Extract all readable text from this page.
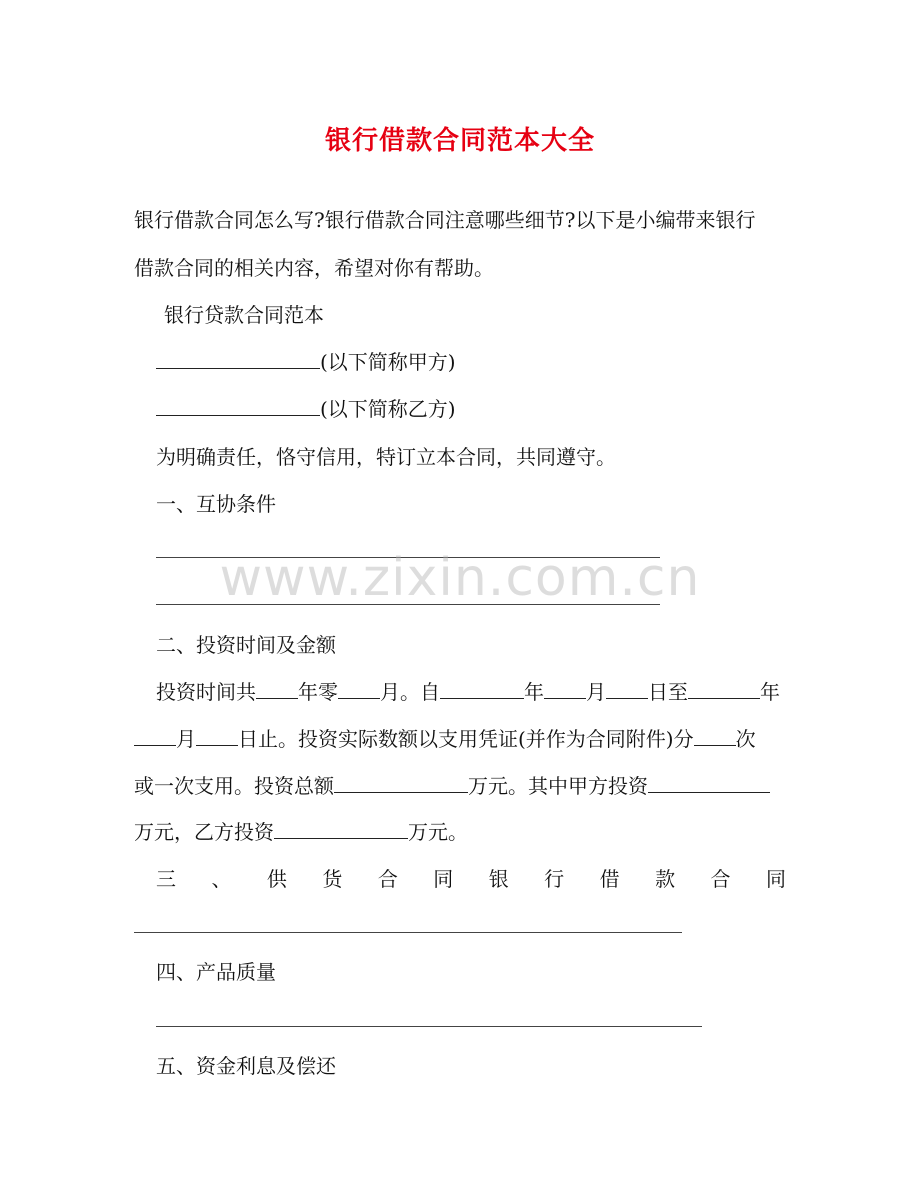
银行借款合同范本大全
银行借款合同怎么写?银行借款合同注意哪些细节?以下是小编带来银行
借款合同的相关内容，希望对你有帮助。
银行贷款合同范本
(以下简称甲方)
(以下简称乙方)
为明确责任，恪守信用，特订立本合同，共同遵守。
一、互协条件
www.zixin.com.cn
二、投资时间及金额
投资时间共 年零 月。自	年 月 日至	年
月 日止。投资实际数额以支用凭证(并作为合同附件)分 次
或一次支用。投资总额	万元。其中甲方投资
万元，乙方投资	万元。
三 、 供 货 合 同 银 行 借 款 合 同
四、产品质量
五、资金利息及偿还
